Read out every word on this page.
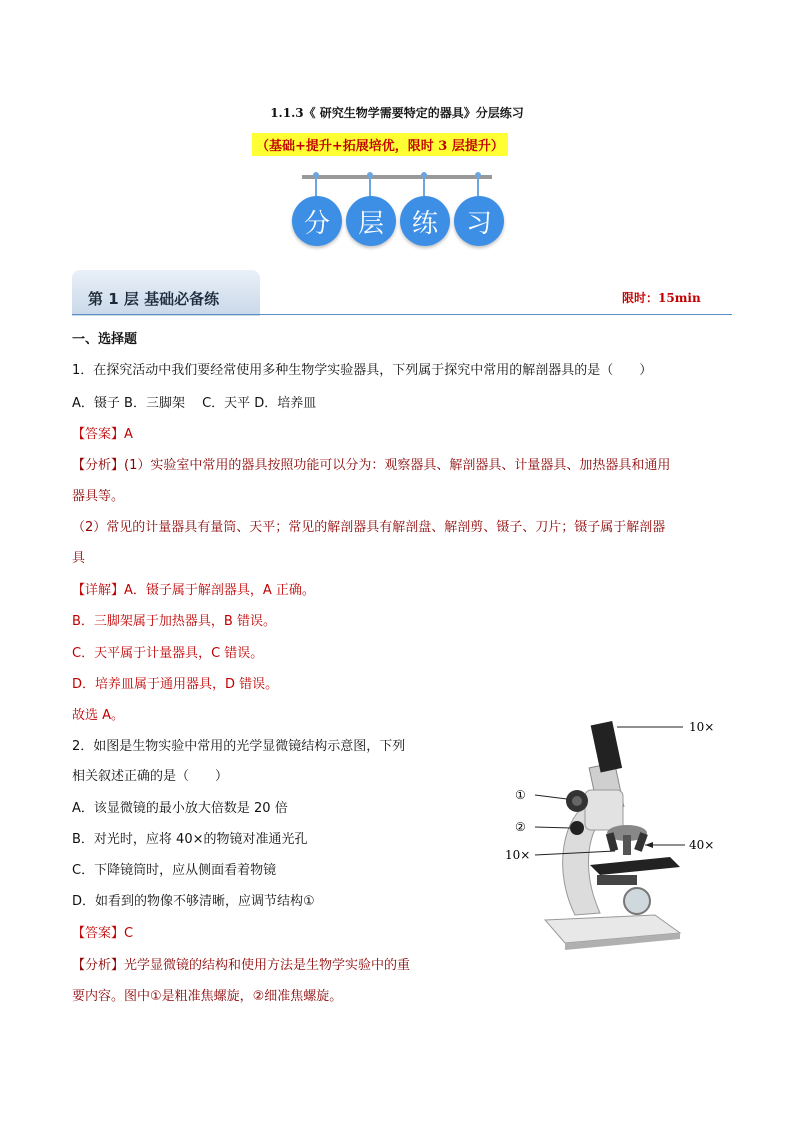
1.1.3《 研究生物学需要特定的器具》分层练习
（基础+提升+拓展培优，限时 3 层提升）
分	层	练	习
第 1 层 基础必备练	限时：15min
一、选择题
1．在探究活动中我们要经常使用多种生物学实验器具，下列属于探究中常用的解剖器具的是（　　）
A．镊子 B．三脚架　 C．天平 D．培养皿
【答案】A
【分析】(1）实验室中常用的器具按照功能可以分为：观察器具、解剖器具、计量器具、加热器具和通用
器具等。
（2）常见的计量器具有量筒、天平；常见的解剖器具有解剖盘、解剖剪、镊子、刀片；镊子属于解剖器
具
【详解】A．镊子属于解剖器具，A 正确。
B．三脚架属于加热器具，B 错误。
C．天平属于计量器具，C 错误。
D．培养皿属于通用器具，D 错误。
故选 A。
2．如图是生物实验中常用的光学显微镜结构示意图，下列
相关叙述正确的是（　　）
A．该显微镜的最小放大倍数是 20 倍
B．对光时，应将 40×的物镜对准通光孔
C．下降镜筒时，应从侧面看着物镜
D．如看到的物像不够清晰，应调节结构①
【答案】C
【分析】光学显微镜的结构和使用方法是生物学实验中的重
要内容。图中①是粗准焦螺旋，②细准焦螺旋。
10×
①
②
10×
40×
